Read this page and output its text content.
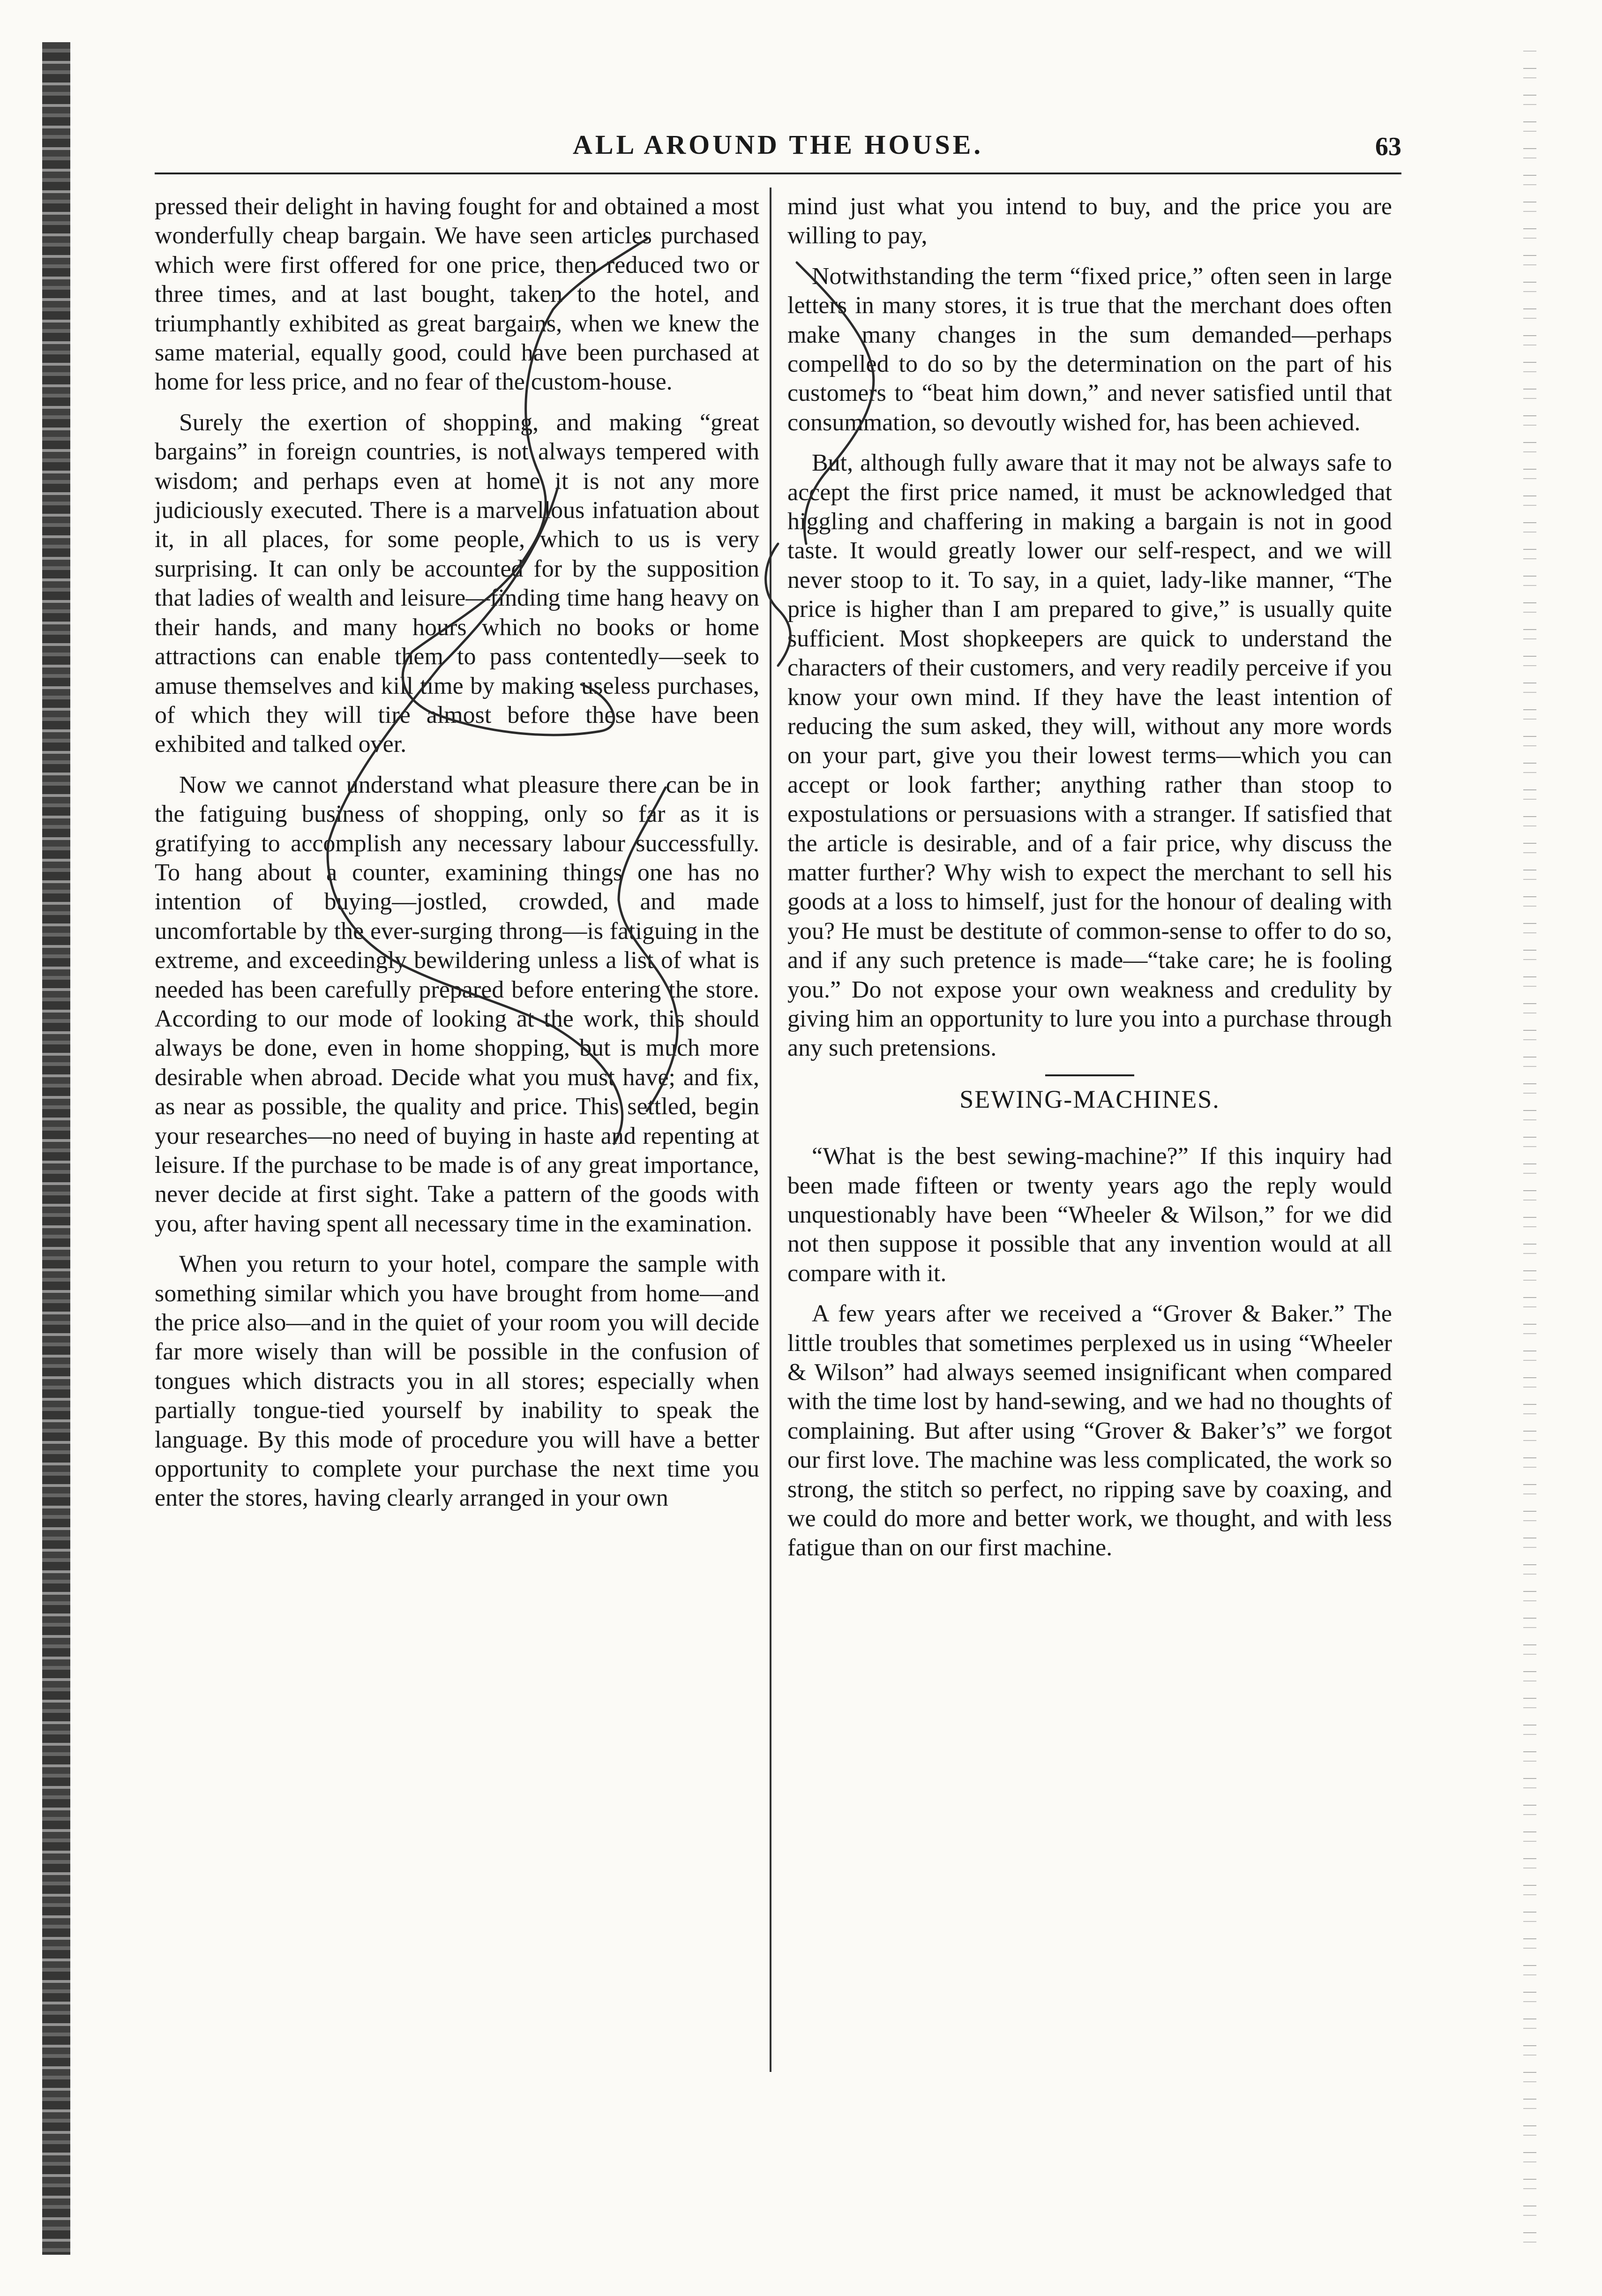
ALL AROUND THE HOUSE.	63

pressed their delight in having fought for and obtained a most wonderfully cheap bargain. We have seen articles purchased which were first offered for one price, then reduced two or three times, and at last bought, taken to the hotel, and triumphantly exhibited as great bargains, when we knew the same material, equally good, could have been purchased at home for less price, and no fear of the custom-house.

Surely the exertion of shopping, and making “great bargains” in foreign countries, is not always tempered with wisdom; and perhaps even at home it is not any more judiciously executed. There is a marvellous infatuation about it, in all places, for some people, which to us is very surprising. It can only be accounted for by the supposition that ladies of wealth and leisure—finding time hang heavy on their hands, and many hours which no books or home attractions can enable them to pass contentedly—seek to amuse themselves and kill time by making useless purchases, of which they will tire almost before these have been exhibited and talked over.

Now we cannot understand what pleasure there can be in the fatiguing business of shopping, only so far as it is gratifying to accomplish any necessary labour successfully. To hang about a counter, examining things one has no intention of buying—jostled, crowded, and made uncomfortable by the ever-surging throng—is fatiguing in the extreme, and exceedingly bewildering unless a list of what is needed has been carefully prepared before entering the store. According to our mode of looking at the work, this should always be done, even in home shopping, but is much more desirable when abroad. Decide what you must have; and fix, as near as possible, the quality and price. This settled, begin your researches—no need of buying in haste and repenting at leisure. If the purchase to be made is of any great importance, never decide at first sight. Take a pattern of the goods with you, after having spent all necessary time in the examination.

When you return to your hotel, compare the sample with something similar which you have brought from home—and the price also—and in the quiet of your room you will decide far more wisely than will be possible in the confusion of tongues which distracts you in all stores; especially when partially tongue-tied yourself by inability to speak the language. By this mode of procedure you will have a better opportunity to complete your purchase the next time you enter the stores, having clearly arranged in your own

mind just what you intend to buy, and the price you are willing to pay,

Notwithstanding the term “fixed price,” often seen in large letters in many stores, it is true that the merchant does often make many changes in the sum demanded—perhaps compelled to do so by the determination on the part of his customers to “beat him down,” and never satisfied until that consummation, so devoutly wished for, has been achieved.

But, although fully aware that it may not be always safe to accept the first price named, it must be acknowledged that higgling and chaffering in making a bargain is not in good taste. It would greatly lower our self-respect, and we will never stoop to it. To say, in a quiet, lady-like manner, “The price is higher than I am prepared to give,” is usually quite sufficient. Most shopkeepers are quick to understand the characters of their customers, and very readily perceive if you know your own mind. If they have the least intention of reducing the sum asked, they will, without any more words on your part, give you their lowest terms—which you can accept or look farther; anything rather than stoop to expostulations or persuasions with a stranger. If satisfied that the article is desirable, and of a fair price, why discuss the matter further? Why wish to expect the merchant to sell his goods at a loss to himself, just for the honour of dealing with you? He must be destitute of common-sense to offer to do so, and if any such pretence is made—“take care; he is fooling you.” Do not expose your own weakness and credulity by giving him an opportunity to lure you into a purchase through any such pretensions.

SEWING-MACHINES.

“What is the best sewing-machine?” If this inquiry had been made fifteen or twenty years ago the reply would unquestionably have been “Wheeler & Wilson,” for we did not then suppose it possible that any invention would at all compare with it.

A few years after we received a “Grover & Baker.” The little troubles that sometimes perplexed us in using “Wheeler & Wilson” had always seemed insignificant when compared with the time lost by hand-sewing, and we had no thoughts of complaining. But after using “Grover & Baker’s” we forgot our first love. The machine was less complicated, the work so strong, the stitch so perfect, no ripping save by coaxing, and we could do more and better work, we thought, and with less fatigue than on our first machine.
